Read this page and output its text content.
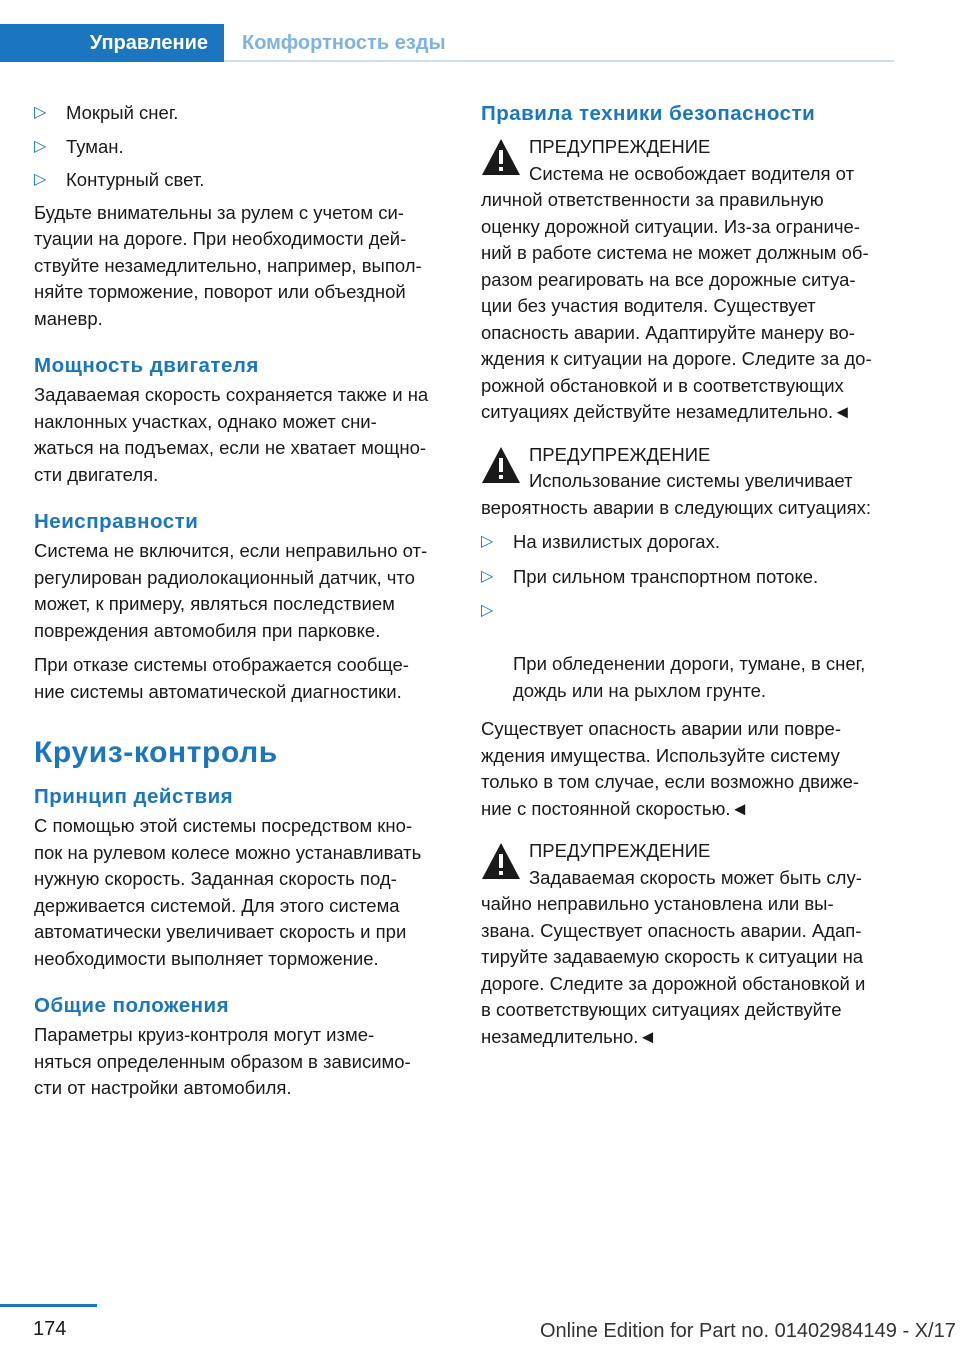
Управление	Комфортность езды
▷ Мокрый снег.
▷ Туман.
▷ Контурный свет.

Будьте внимательны за рулем с учетом си-
туации на дороге. При необходимости дей-
ствуйте незамедлительно, например, выпол-
няйте торможение, поворот или объездной
маневр.

Мощность двигателя

Задаваемая скорость сохраняется также и на
наклонных участках, однако может сни-
жаться на подъемах, если не хватает мощно-
сти двигателя.

Неисправности

Система не включится, если неправильно от-
регулирован радиолокационный датчик, что
может, к примеру, являться последствием
повреждения автомобиля при парковке.

При отказе системы отображается сообще-
ние системы автоматической диагностики.

Круиз-контроль
Принцип действия

С помощью этой системы посредством кно-
пок на рулевом колесе можно устанавливать
нужную скорость. Заданная скорость под-
держивается системой. Для этого система
автоматически увеличивает скорость и при
необходимости выполняет торможение.

Общие положения

Параметры круиз-контроля могут изме-
няться определенным образом в зависимо-
сти от настройки автомобиля.

Правила техники безопасности

ПРЕДУПРЕЖДЕНИЕ

Система не освобождает водителя от

личной ответственности за правильную
оценку дорожной ситуации. Из-за ограниче-
ний в работе система не может должным об-
разом реагировать на все дорожные ситуа-
ции без участия водителя. Существует
опасность аварии. Адаптируйте манеру во-
ждения к ситуации на дороге. Следите за до-
рожной обстановкой и в соответствующих
ситуациях действуйте незамедлительно.◄

ПРЕДУПРЕЖДЕНИЕ

Использование системы увеличивает

вероятность аварии в следующих ситуациях:

▷ На извилистых дорогах.
▷ При сильном транспортном потоке.

▷

При обледенении дороги, тумане, в снег,
дождь или на рыхлом грунте.

Существует опасность аварии или повре-
ждения имущества. Используйте систему
только в том случае, если возможно движе-
ние с постоянной скоростью.◄

ПРЕДУПРЕЖДЕНИЕ

Задаваемая скорость может быть слу-

чайно неправильно установлена или вы-
звана. Существует опасность аварии. Адап-
тируйте задаваемую скорость к ситуации на
дороге. Следите за дорожной обстановкой и
в соответствующих ситуациях действуйте
незамедлительно.◄

174	Online Edition for Part no. 01402984149 - X/17
